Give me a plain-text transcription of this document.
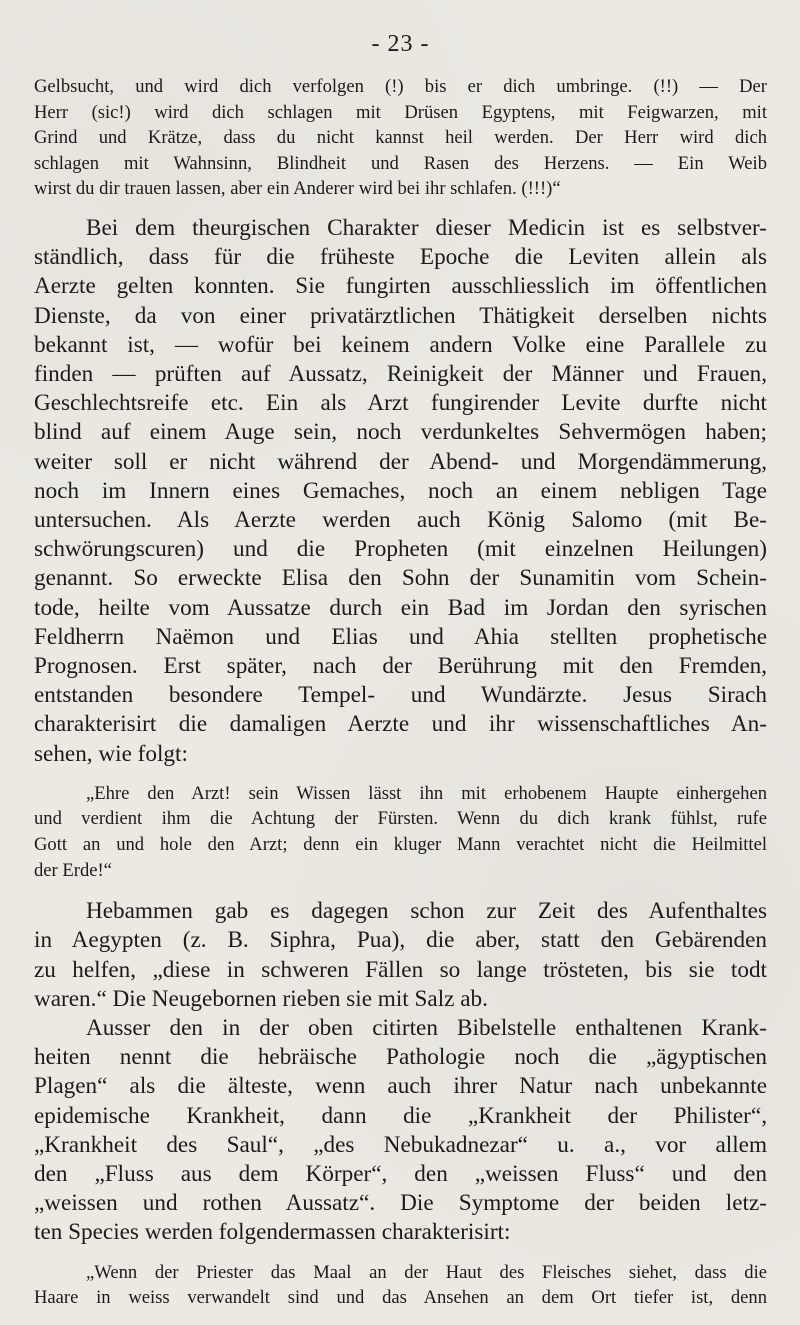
- 23 -
Gelbsucht, und wird dich verfolgen (!) bis er dich umbringe. (!!) — Der
Herr (sic!) wird dich schlagen mit Drüsen Egyptens, mit Feigwarzen, mit
Grind und Krätze, dass du nicht kannst heil werden. Der Herr wird dich
schlagen mit Wahnsinn, Blindheit und Rasen des Herzens. — Ein Weib
wirst du dir trauen lassen, aber ein Anderer wird bei ihr schlafen. (!!!)“
Bei dem theurgischen Charakter dieser Medicin ist es selbstver-
ständlich, dass für die früheste Epoche die Leviten allein als
Aerzte gelten konnten. Sie fungirten ausschliesslich im öffentlichen
Dienste, da von einer privatärztlichen Thätigkeit derselben nichts
bekannt ist, — wofür bei keinem andern Volke eine Parallele zu
finden — prüften auf Aussatz, Reinigkeit der Männer und Frauen,
Geschlechtsreife etc. Ein als Arzt fungirender Levite durfte nicht
blind auf einem Auge sein, noch verdunkeltes Sehvermögen haben;
weiter soll er nicht während der Abend- und Morgendämmerung,
noch im Innern eines Gemaches, noch an einem nebligen Tage
untersuchen. Als Aerzte werden auch König Salomo (mit Be-
schwörungscuren) und die Propheten (mit einzelnen Heilungen)
genannt. So erweckte Elisa den Sohn der Sunamitin vom Schein-
tode, heilte vom Aussatze durch ein Bad im Jordan den syrischen
Feldherrn Naëmon und Elias und Ahia stellten prophetische
Prognosen. Erst später, nach der Berührung mit den Fremden,
entstanden besondere Tempel- und Wundärzte. Jesus Sirach
charakterisirt die damaligen Aerzte und ihr wissenschaftliches An-
sehen, wie folgt:
„Ehre den Arzt! sein Wissen lässt ihn mit erhobenem Haupte einhergehen
und verdient ihm die Achtung der Fürsten. Wenn du dich krank fühlst, rufe
Gott an und hole den Arzt; denn ein kluger Mann verachtet nicht die Heilmittel
der Erde!“
Hebammen gab es dagegen schon zur Zeit des Aufenthaltes
in Aegypten (z. B. Siphra, Pua), die aber, statt den Gebärenden
zu helfen, „diese in schweren Fällen so lange trösteten, bis sie todt
waren.“ Die Neugebornen rieben sie mit Salz ab.
Ausser den in der oben citirten Bibelstelle enthaltenen Krank-
heiten nennt die hebräische Pathologie noch die „ägyptischen
Plagen“ als die älteste, wenn auch ihrer Natur nach unbekannte
epidemische Krankheit, dann die „Krankheit der Philister“,
„Krankheit des Saul“, „des Nebukadnezar“ u. a., vor allem
den „Fluss aus dem Körper“, den „weissen Fluss“ und den
„weissen und rothen Aussatz“. Die Symptome der beiden letz-
ten Species werden folgendermassen charakterisirt:
„Wenn der Priester das Maal an der Haut des Fleisches siehet, dass die
Haare in weiss verwandelt sind und das Ansehen an dem Ort tiefer ist, denn
